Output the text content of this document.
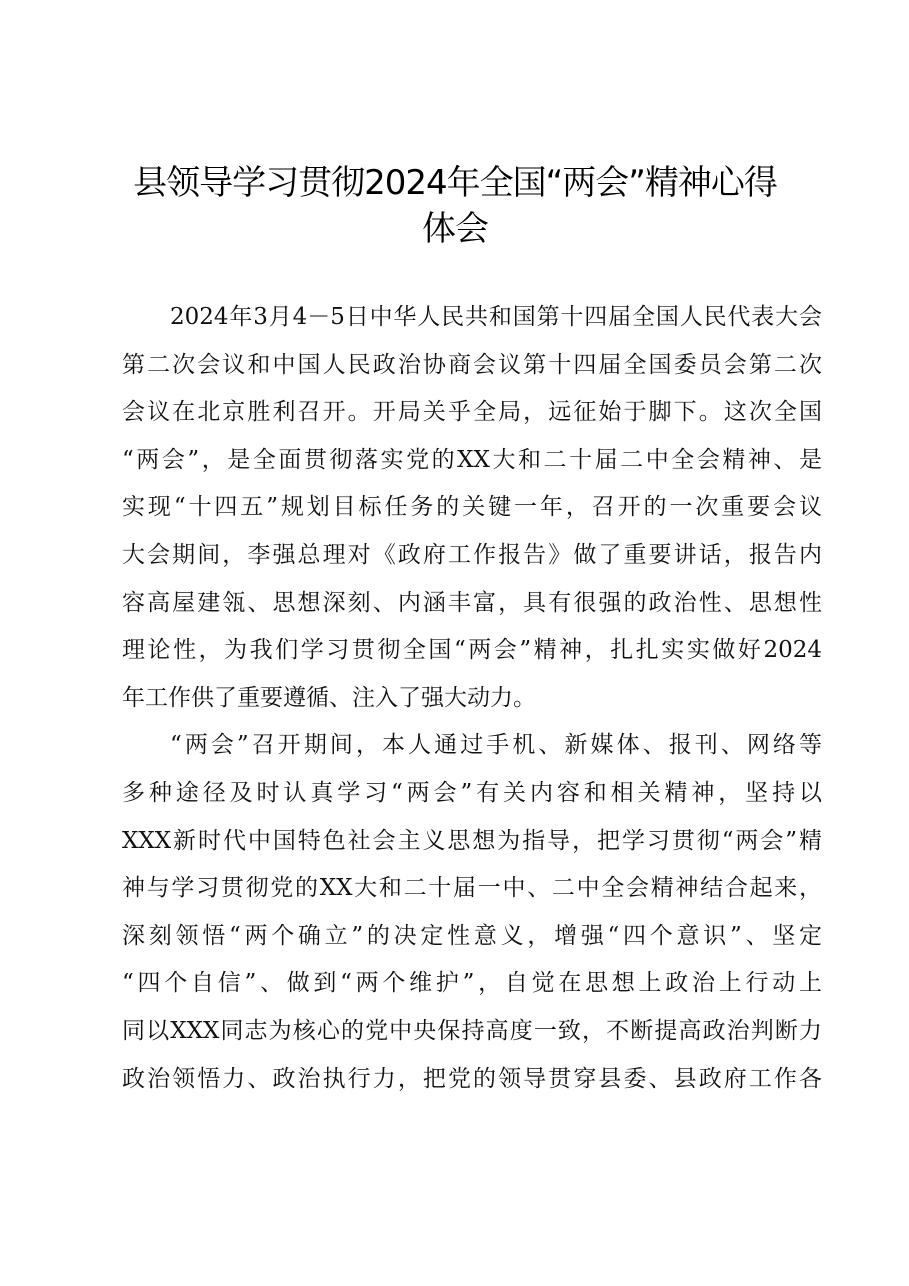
县领导学习贯彻2024年全国“两会”精神心得
体会
2024年3月4－5日中华人民共和国第十四届全国人民代表大会
第二次会议和中国人民政治协商会议第十四届全国委员会第二次
会议在北京胜利召开。开局关乎全局，远征始于脚下。这次全国
“两会”，是全面贯彻落实党的XX大和二十届二中全会精神、是
实现“十四五”规划目标任务的关键一年，召开的一次重要会议
大会期间，李强总理对《政府工作报告》做了重要讲话，报告内
容高屋建瓴、思想深刻、内涵丰富，具有很强的政治性、思想性
理论性，为我们学习贯彻全国“两会”精神，扎扎实实做好2024
年工作供了重要遵循、注入了强大动力。
“两会”召开期间，本人通过手机、新媒体、报刊、网络等
多种途径及时认真学习“两会”有关内容和相关精神，坚持以
XXX新时代中国特色社会主义思想为指导，把学习贯彻“两会”精
神与学习贯彻党的XX大和二十届一中、二中全会精神结合起来，
深刻领悟“两个确立”的决定性意义，增强“四个意识”、坚定
“四个自信”、做到“两个维护”，自觉在思想上政治上行动上
同以XXX同志为核心的党中央保持高度一致，不断提高政治判断力
政治领悟力、政治执行力，把党的领导贯穿县委、县政府工作各
